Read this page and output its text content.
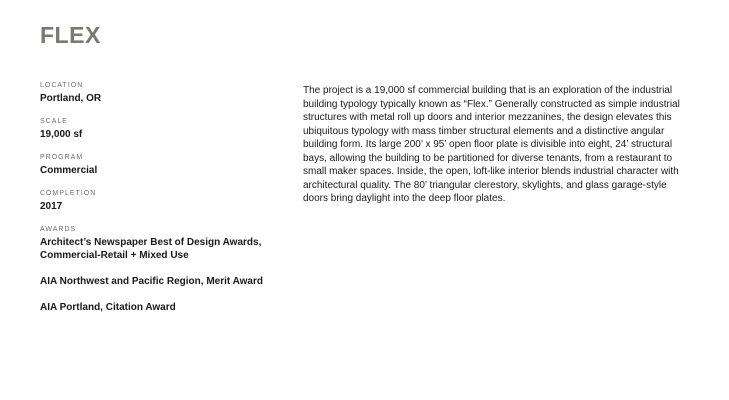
FLEX
LOCATION
Portland, OR
SCALE
19,000 sf
PROGRAM
Commercial
COMPLETION
2017
AWARDS
Architect’s Newspaper Best of Design Awards, Commercial-Retail + Mixed Use
AIA Northwest and Pacific Region, Merit Award
AIA Portland, Citation Award

The project is a 19,000 sf commercial building that is an exploration of the industrial building typology typically known as “Flex.” Generally constructed as simple industrial structures with metal roll up doors and interior mezzanines, the design elevates this ubiquitous typology with mass timber structural elements and a distinctive angular building form. Its large 200’ x 95’ open floor plate is divisible into eight, 24’ structural bays, allowing the building to be partitioned for diverse tenants, from a restaurant to small maker spaces. Inside, the open, loft-like interior blends industrial character with architectural quality. The 80’ triangular clerestory, skylights, and glass garage-style doors bring daylight into the deep floor plates.
